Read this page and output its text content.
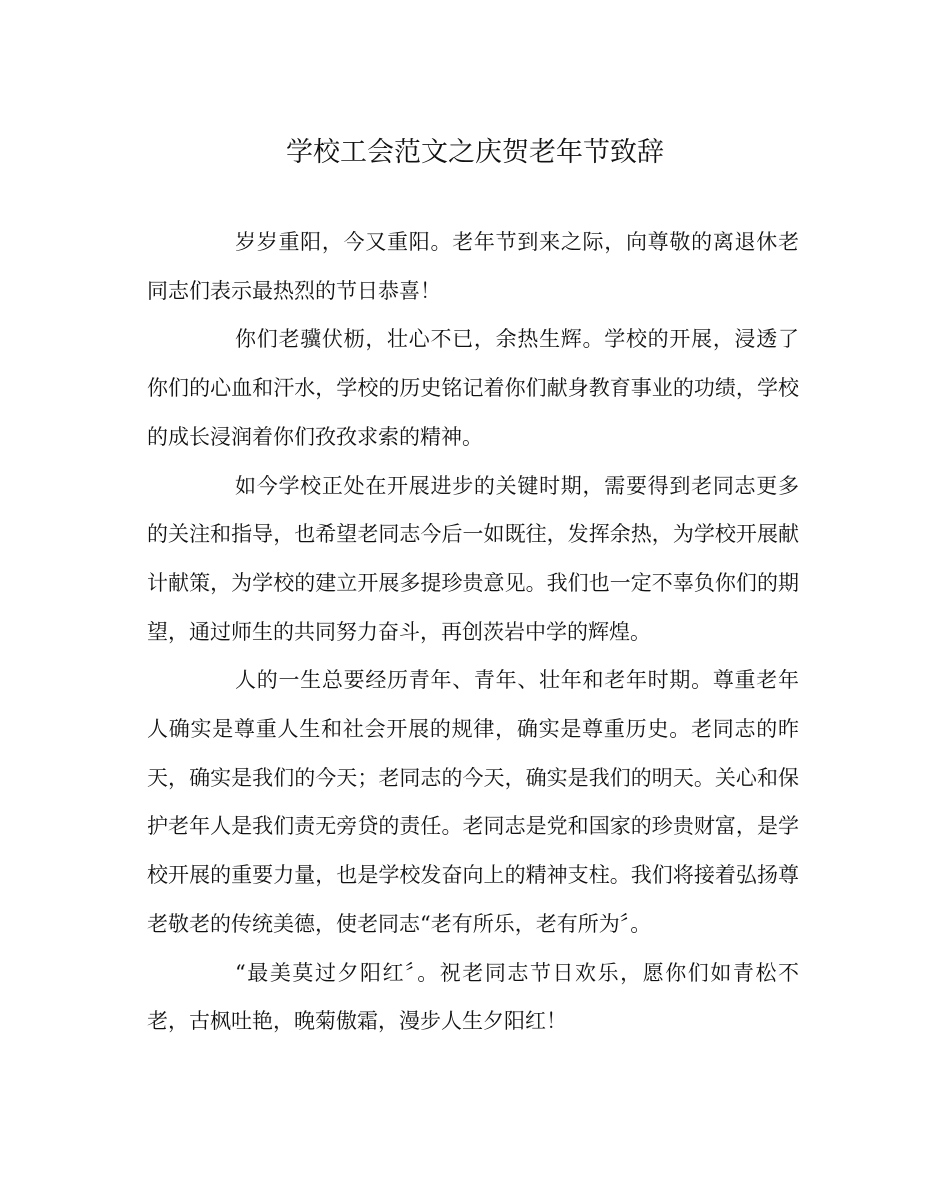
学校工会范文之庆贺老年节致辞

岁岁重阳，今又重阳。老年节到来之际，向尊敬的离退休老同志们表示最热烈的节日恭喜！

你们老骥伏枥，壮心不已，余热生辉。学校的开展，浸透了你们的心血和汗水，学校的历史铭记着你们献身教育事业的功绩，学校的成长浸润着你们孜孜求索的精神。

如今学校正处在开展进步的关键时期，需要得到老同志更多的关注和指导，也希望老同志今后一如既往，发挥余热，为学校开展献计献策，为学校的建立开展多提珍贵意见。我们也一定不辜负你们的期望，通过师生的共同努力奋斗，再创茨岩中学的辉煌。

人的一生总要经历青年、青年、壮年和老年时期。尊重老年人确实是尊重人生和社会开展的规律，确实是尊重历史。老同志的昨天，确实是我们的今天；老同志的今天，确实是我们的明天。关心和保护老年人是我们责无旁贷的责任。老同志是党和国家的珍贵财富，是学校开展的重要力量，也是学校发奋向上的精神支柱。我们将接着弘扬尊老敬老的传统美德，使老同志“老有所乐，老有所为〞。

“最美莫过夕阳红〞。祝老同志节日欢乐，愿你们如青松不老，古枫吐艳，晚菊傲霜，漫步人生夕阳红！
